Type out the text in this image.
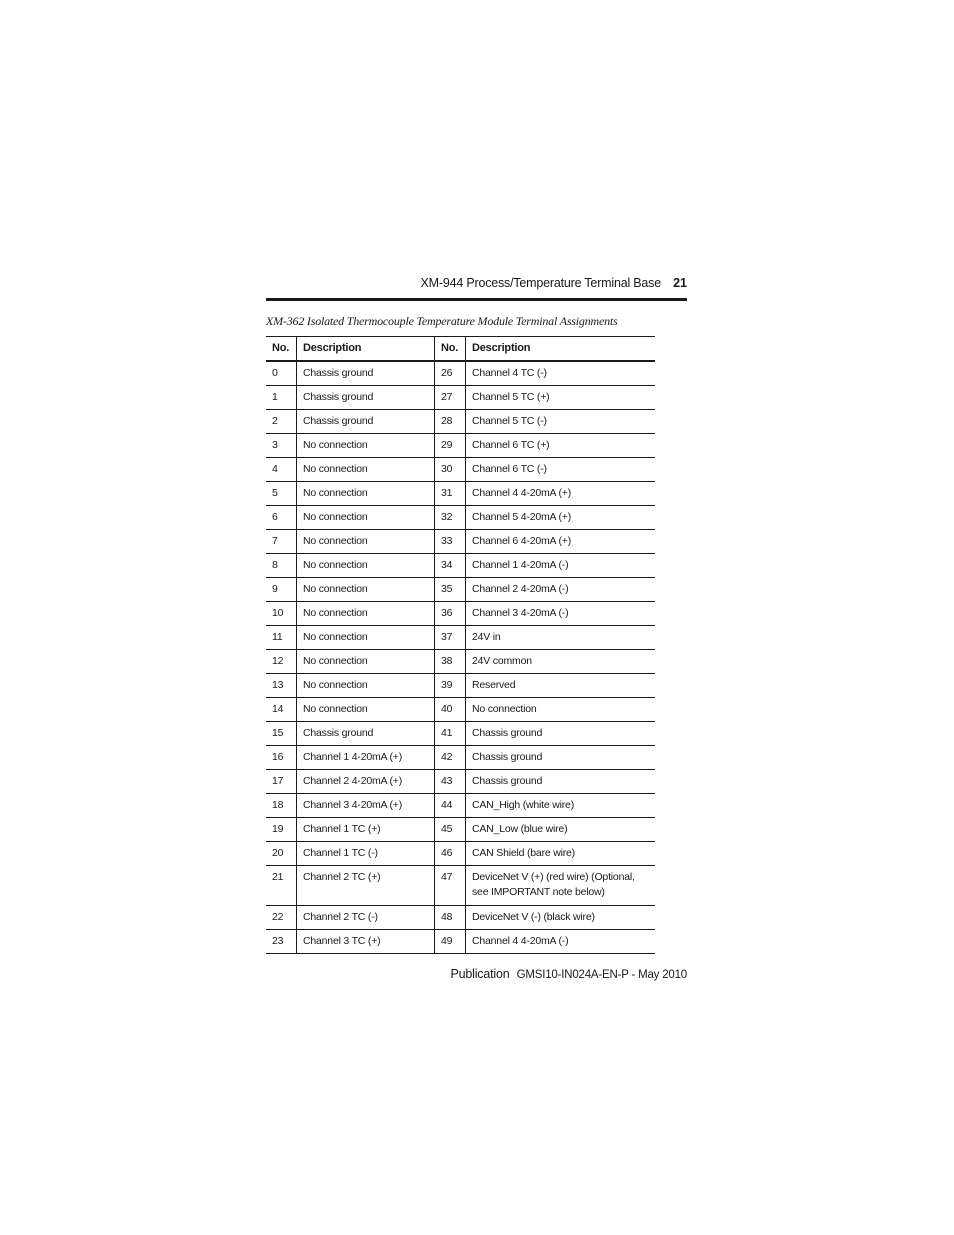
XM-944 Process/Temperature Terminal Base 21
XM-362 Isolated Thermocouple Temperature Module Terminal Assignments
No.	Description	No.	Description
0	Chassis ground	26	Channel 4 TC (-)
1	Chassis ground	27	Channel 5 TC (+)
2	Chassis ground	28	Channel 5 TC (-)
3	No connection	29	Channel 6 TC (+)
4	No connection	30	Channel 6 TC (-)
5	No connection	31	Channel 4 4-20mA (+)
6	No connection	32	Channel 5 4-20mA (+)
7	No connection	33	Channel 6 4-20mA (+)
8	No connection	34	Channel 1 4-20mA (-)
9	No connection	35	Channel 2 4-20mA (-)
10	No connection	36	Channel 3 4-20mA (-)
11	No connection	37	24V in
12	No connection	38	24V common
13	No connection	39	Reserved
14	No connection	40	No connection
15	Chassis ground	41	Chassis ground
16	Channel 1 4-20mA (+)	42	Chassis ground
17	Channel 2 4-20mA (+)	43	Chassis ground
18	Channel 3 4-20mA (+)	44	CAN_High (white wire)
19	Channel 1 TC (+)	45	CAN_Low (blue wire)
20	Channel 1 TC (-)	46	CAN Shield (bare wire)
21	Channel 2 TC (+)	47	DeviceNet V (+) (red wire) (Optional, see IMPORTANT note below)
22	Channel 2 TC (-)	48	DeviceNet V (-) (black wire)
23	Channel 3 TC (+)	49	Channel 4 4-20mA (-)
Publication GMSI10-IN024A-EN-P - May 2010
